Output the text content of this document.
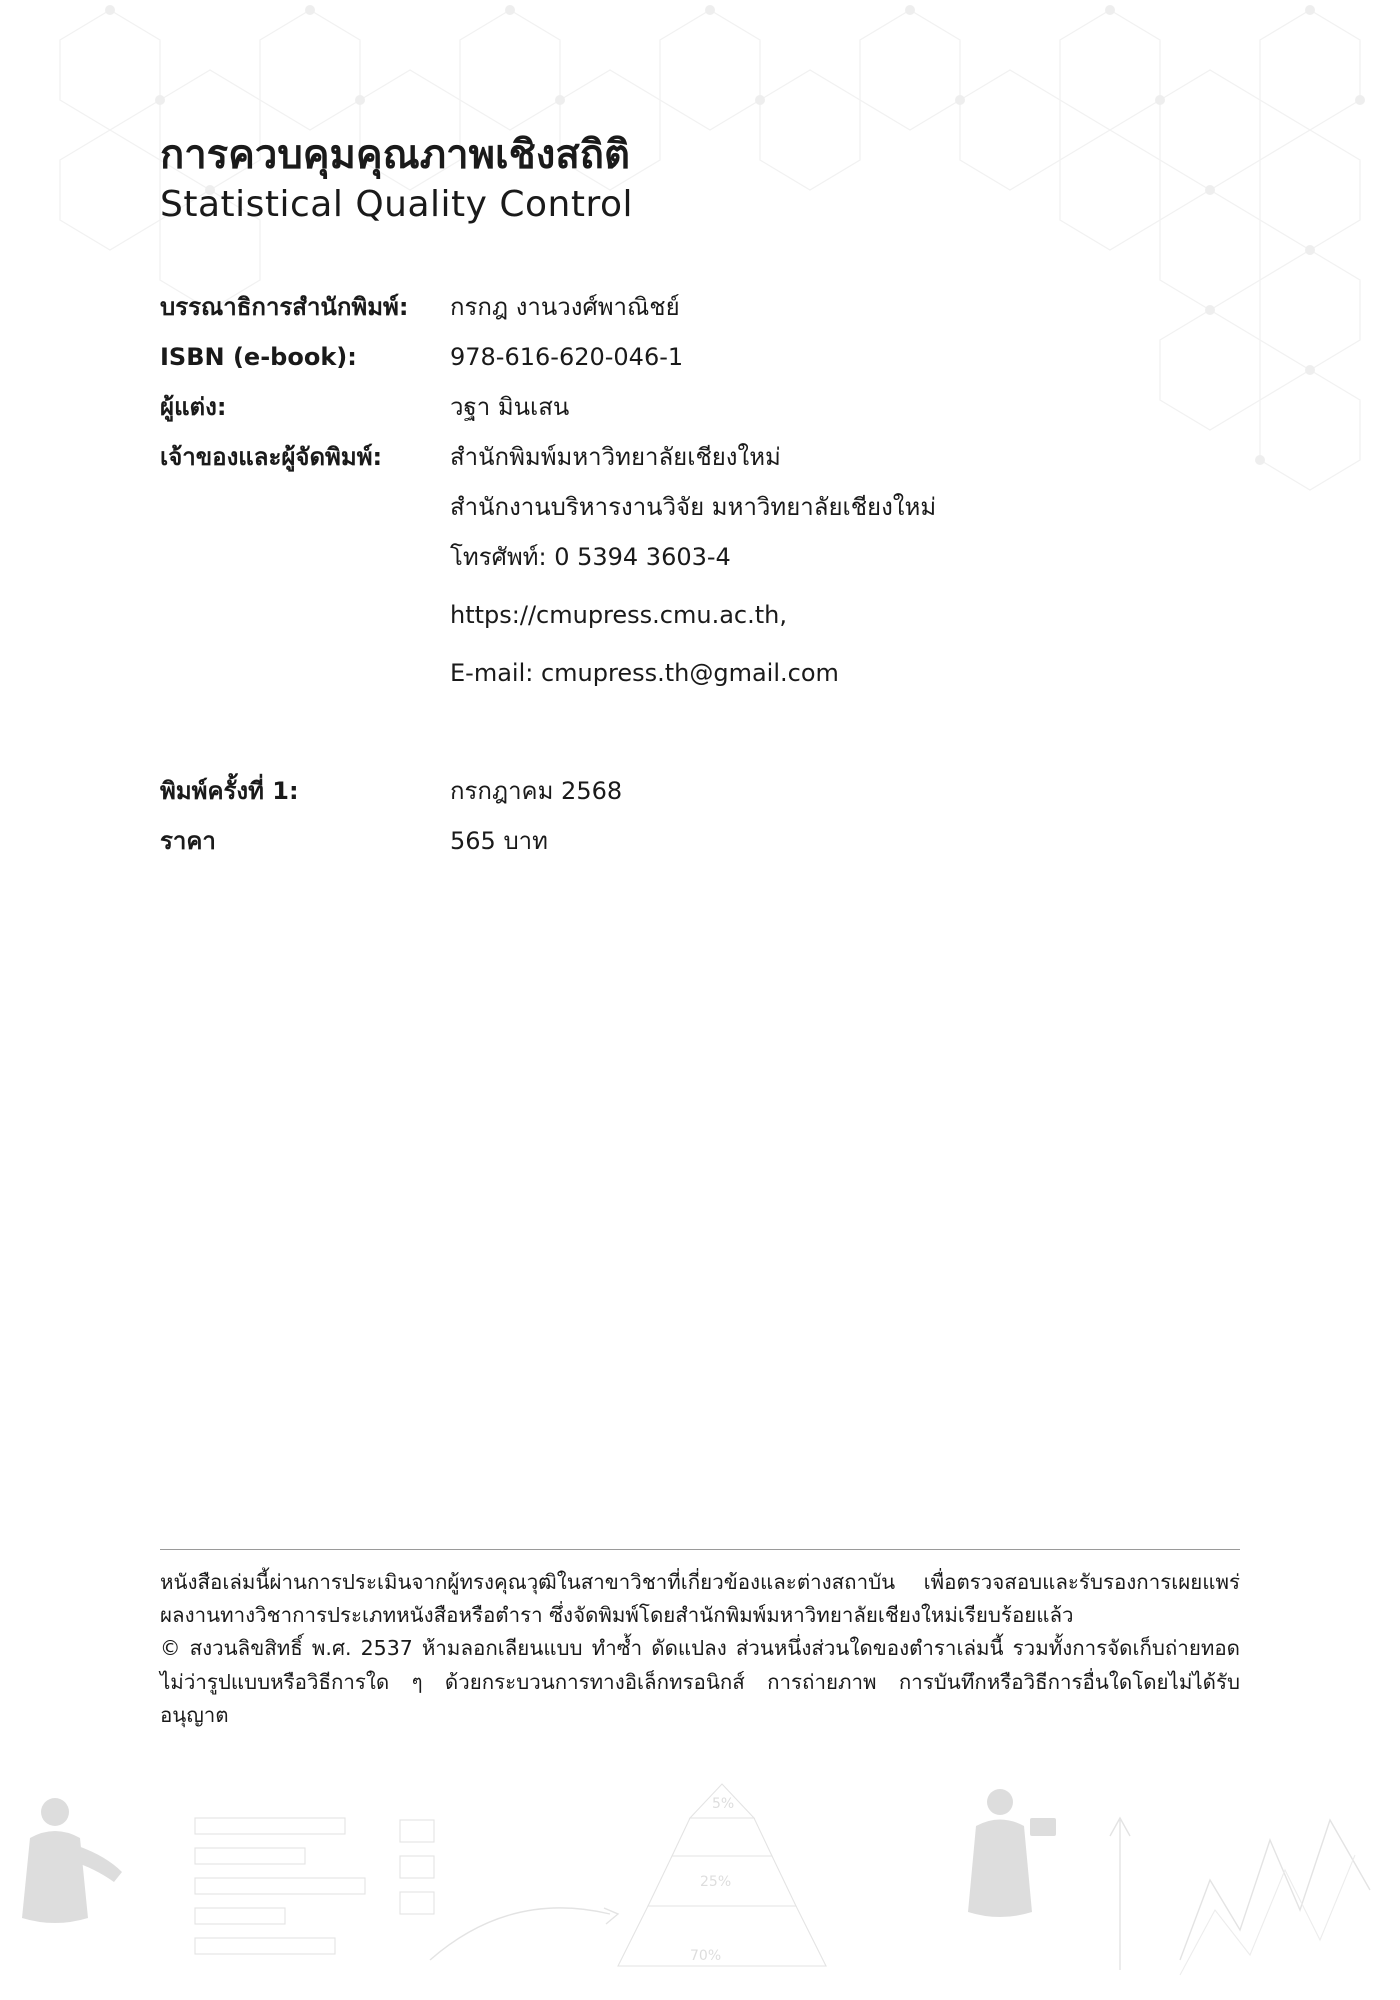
การควบคุมคุณภาพเชิงสถิติ
Statistical Quality Control
บรรณาธิการสำนักพิมพ์:	กรกฎ งานวงศ์พาณิชย์
ISBN (e-book):	978-616-620-046-1
ผู้แต่ง:	วฐา มินเสน
เจ้าของและผู้จัดพิมพ์:	สำนักพิมพ์มหาวิทยาลัยเชียงใหม่
สำนักงานบริหารงานวิจัย มหาวิทยาลัยเชียงใหม่
โทรศัพท์: 0 5394 3603-4
https://cmupress.cmu.ac.th,
E-mail: cmupress.th@gmail.com
พิมพ์ครั้งที่ 1:	กรกฎาคม 2568
ราคา	565 บาท

หนังสือเล่มนี้ผ่านการประเมินจากผู้ทรงคุณวุฒิในสาขาวิชาที่เกี่ยวข้องและต่างสถาบัน เพื่อตรวจสอบและรับรองการเผยแพร่ผลงานทางวิชาการประเภทหนังสือหรือตำรา ซึ่งจัดพิมพ์โดยสำนักพิมพ์มหาวิทยาลัยเชียงใหม่เรียบร้อยแล้ว

© สงวนลิขสิทธิ์ พ.ศ. 2537 ห้ามลอกเลียนแบบ ทำซ้ำ ดัดแปลง ส่วนหนึ่งส่วนใดของตำราเล่มนี้ รวมทั้งการจัดเก็บถ่ายทอด ไม่ว่ารูปแบบหรือวิธีการใด ๆ ด้วยกระบวนการทางอิเล็กทรอนิกส์ การถ่ายภาพ การบันทึกหรือวิธีการอื่นใดโดยไม่ได้รับอนุญาต

5%
25%
70%
